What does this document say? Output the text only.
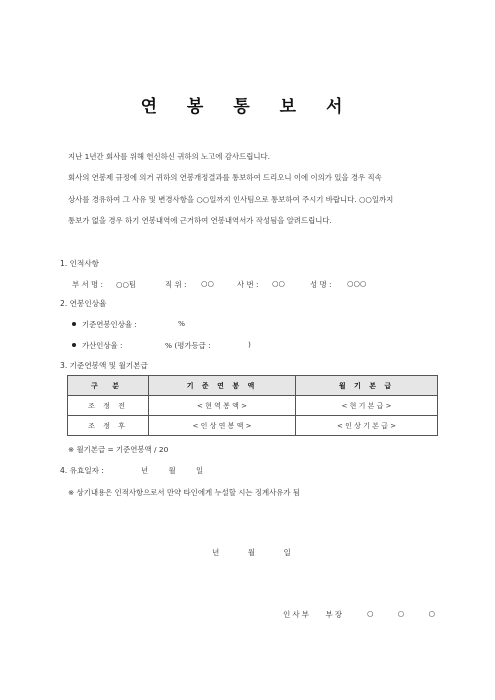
연 봉 통 보 서
지난 1년간 회사를 위해 헌신하신 귀하의 노고에 감사드립니다.
회사의 연봉제 규정에 의거 귀하의 연봉개정결과를 통보하여 드리오니 이에 이의가 있을 경우 직속
상사를 경유하여 그 사유 및 변경사항을 ○○일까지 인사팀으로 통보하여 주시기 바랍니다. ○○일까지
통보가 없을 경우 하기 연봉내역에 근거하여 연봉내역서가 작성됨을 알려드립니다.
1. 인적사항
부 서 명 : ○○팀	직 위 : ○○	사 번 : ○○	성 명 : ○○○
2. 연봉인상율
기준연봉인상율 :	%
가산인상율 :	% (평가등급 :	)
3. 기준연봉액 및 월기본급
구 분	기 준 연 봉 액	월 기 본 급
조 정 전	< 현 역 봉 액 >	< 현 기 본 급 >
조 정 후	< 인 상 연 봉 액 >	< 인 상 기 본 급 >
※ 월기본급 = 기준연봉액 / 20
4. 유효일자 :	년 월 일
※ 상기내용은 인적사항으로서 만약 타인에게 누설할 시는 징계사유가 됨
년 월 일
인사부 부장	○ ○ ○
